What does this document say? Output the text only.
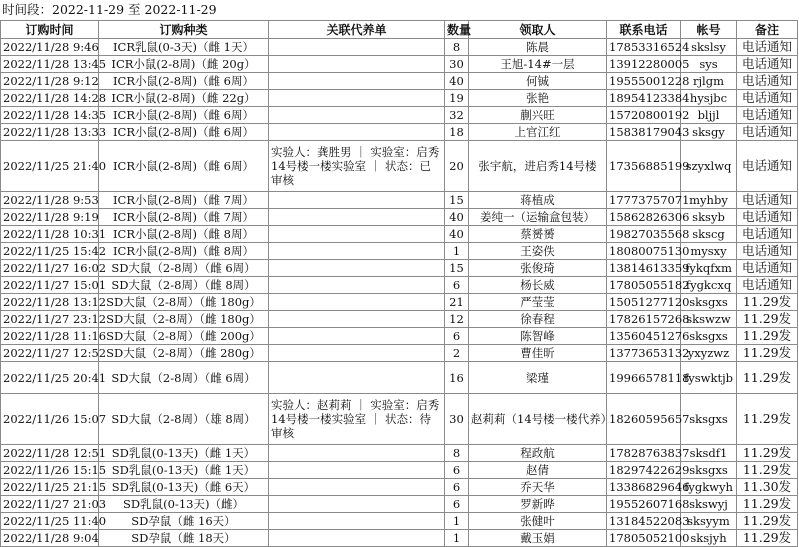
时间段：2022-11-29 至 2022-11-29
订购时间	订购种类	关联代养单	数量	领取人	联系电话	帐号	备注
2022/11/28 9:46	ICR乳鼠(0-3天)（雌 1天）		8	陈晨	17853316524	skslsy	电话通知
2022/11/28 13:45	ICR小鼠(2-8周)（雌 20g）		30	王旭-14#一层	13912280005	sys	电话通知
2022/11/28 9:12	ICR小鼠(2-8周)（雌 6周）		40	何铖	19555001228	rjlgm	电话通知
2022/11/28 14:28	ICR小鼠(2-8周)（雌 22g）		19	张艳	18954123384	hysjbc	电话通知
2022/11/28 14:35	ICR小鼠(2-8周)（雌 6周）		32	蒯兴旺	15720800192	bljjl	电话通知
2022/11/28 13:33	ICR小鼠(2-8周)（雌 6周）		18	上官江红	15838179043	sksgy	电话通知
2022/11/25 21:40	ICR小鼠(2-8周)（雌 6周）	实验人：龚胜男 ｜ 实验室：启秀14号楼一楼实验室 ｜ 状态：已审核	20	张宇航，进启秀14号楼	17356885199	szyxlwq	电话通知
2022/11/28 9:53	ICR小鼠(2-8周)（雌 7周）		15	蒋植成	17773757071	myhby	电话通知
2022/11/28 9:19	ICR小鼠(2-8周)（雌 7周）		40	姜纯一（运输盒包装）	15862826306	sksyb	电话通知
2022/11/28 10:31	ICR小鼠(2-8周)（雌 8周）		40	蔡赟赟	19827035568	skscg	电话通知
2022/11/25 15:42	ICR小鼠(2-8周)（雌 8周）		1	王姿佚	18080075130	mysxy	电话通知
2022/11/27 16:02	SD大鼠（2-8周）（雌 6周）		15	张俊琦	13814613359	fykqfxm	电话通知
2022/11/27 15:01	SD大鼠（2-8周）（雌 8周）		6	杨长威	17805055182	fygkcxq	电话通知
2022/11/28 13:12	SD大鼠（2-8周）（雌 180g）		21	严莹莹	15051277120	sksgxs	11.29发
2022/11/27 23:12	SD大鼠（2-8周）（雌 180g）		12	徐春程	17826157268	skswzw	11.29发
2022/11/28 11:16	SD大鼠（2-8周）（雌 200g）		6	陈智峰	13560451276	sksgxs	11.29发
2022/11/27 12:52	SD大鼠（2-8周）（雌 280g）		2	曹佳昕	13773653132	yxyzwz	11.29发
2022/11/25 20:41	SD大鼠（2-8周）（雌 6周）		16	梁瑾	19966578118	fyswktjb	11.29发
2022/11/26 15:07	SD大鼠（2-8周）（雄 8周）	实验人：赵莉莉 ｜ 实验室：启秀14号楼一楼实验室 ｜ 状态：待审核	30	赵莉莉（14号楼一楼代养）	18260595657	sksgxs	11.29发
2022/11/28 12:51	SD乳鼠(0-13天)（雌 1天）		8	程政航	17828763837	sksdf1	11.29发
2022/11/26 15:15	SD乳鼠(0-13天)（雌 1天）		6	赵倩	18297422629	sksgxs	11.29发
2022/11/25 21:15	SD乳鼠(0-13天)（雌 6天）		6	乔天华	13386829646	fygkwyh	11.30发
2022/11/27 21:03	SD乳鼠(0-13天)（雌）		6	罗新晔	19552607168	skswyj	11.29发
2022/11/25 11:40	SD孕鼠（雌 16天）		1	张健叶	13184522083	sksyym	11.29发
2022/11/28 9:04	SD孕鼠（雌 18天）		1	戴玉娟	17805052100	sksjyh	11.29发
